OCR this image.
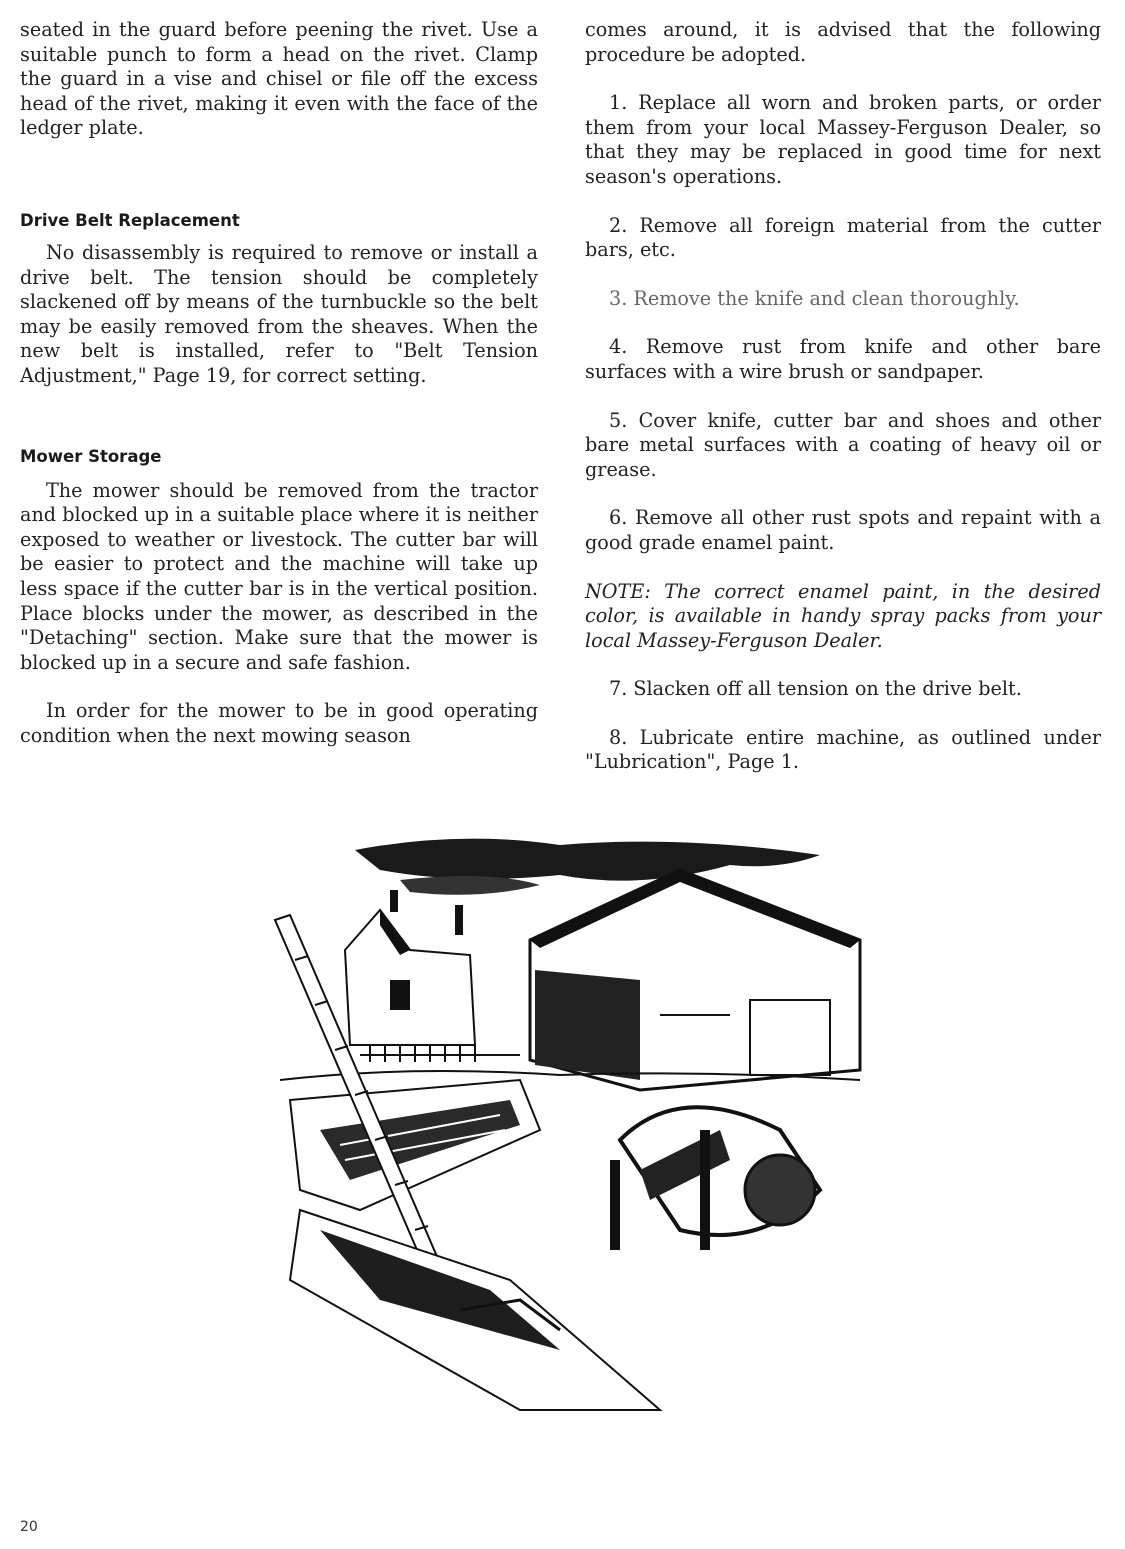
seated in the guard before peening the rivet. Use a suitable punch to form a head on the rivet. Clamp the guard in a vise and chisel or file off the excess head of the rivet, making it even with the face of the ledger plate.

Drive Belt Replacement

No disassembly is required to remove or install a drive belt. The tension should be completely slackened off by means of the turnbuckle so the belt may be easily removed from the sheaves. When the new belt is installed, refer to "Belt Tension Adjustment," Page 19, for correct setting.

Mower Storage

The mower should be removed from the tractor and blocked up in a suitable place where it is neither exposed to weather or livestock. The cutter bar will be easier to protect and the machine will take up less space if the cutter bar is in the vertical position. Place blocks under the mower, as described in the "Detaching" section. Make sure that the mower is blocked up in a secure and safe fashion.

In order for the mower to be in good operating condition when the next mowing season

comes around, it is advised that the following procedure be adopted.

1. Replace all worn and broken parts, or order them from your local Massey-Ferguson Dealer, so that they may be replaced in good time for next season's operations.

2. Remove all foreign material from the cutter bars, etc.

3. Remove the knife and clean thoroughly.

4. Remove rust from knife and other bare surfaces with a wire brush or sandpaper.

5. Cover knife, cutter bar and shoes and other bare metal surfaces with a coating of heavy oil or grease.

6. Remove all other rust spots and repaint with a good grade enamel paint.

NOTE: The correct enamel paint, in the desired color, is available in handy spray packs from your local Massey-Ferguson Dealer.

7. Slacken off all tension on the drive belt.

8. Lubricate entire machine, as outlined under "Lubrication", Page 1.

20
